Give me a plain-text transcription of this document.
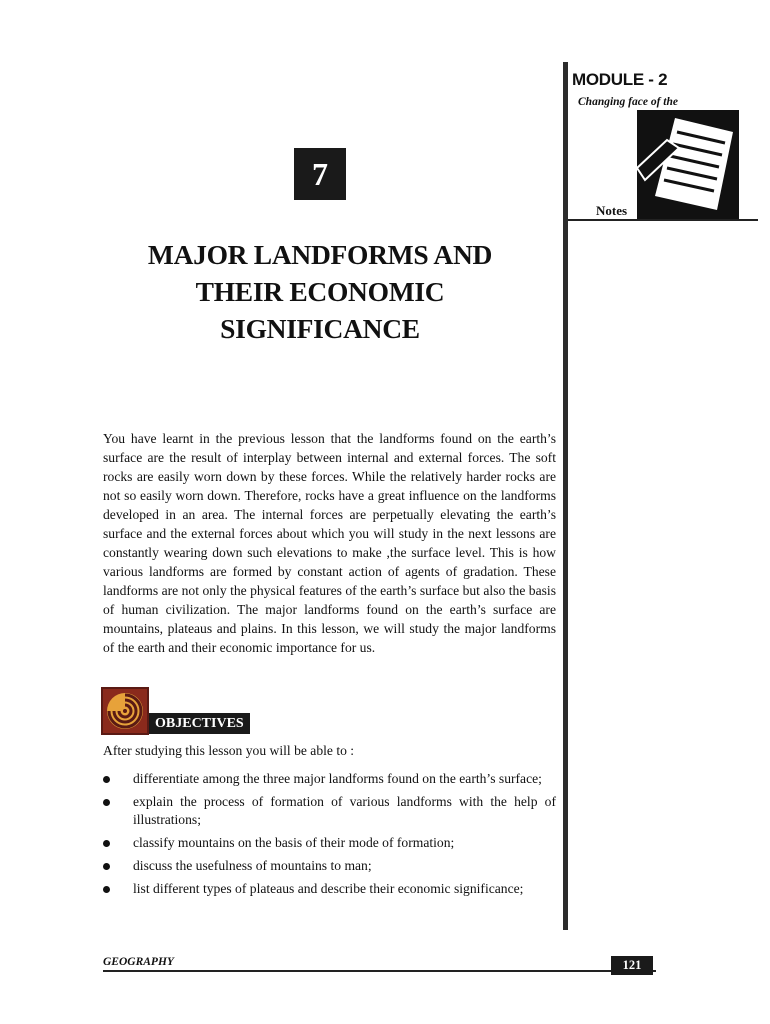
MODULE - 2
Changing face of the
Notes
7
MAJOR LANDFORMS AND
THEIR ECONOMIC
SIGNIFICANCE
You have learnt in the previous lesson that the landforms found on the earth’s surface are the result of interplay between internal and external forces. The soft rocks are easily worn down by these forces. While the relatively harder rocks are not so easily worn down. Therefore, rocks have a great influence on the landforms developed in an area. The internal forces are perpetually elevating the earth’s surface and the external forces about which you will study in the next lessons are constantly wearing down such elevations to make ,the surface level. This is how various landforms are formed by constant action of agents of gradation. These landforms are not only the physical features of the earth’s surface but also the basis of human civilization. The major landforms found on the earth’s surface are mountains, plateaus and plains. In this lesson, we will study the major landforms of the earth and their economic importance for us.
OBJECTIVES
After studying this lesson you will be able to :
differentiate among the three major landforms found on the earth’s surface;
explain the process of formation of various landforms with the help of illustrations;
classify mountains on the basis of their mode of formation;
discuss the usefulness of mountains to man;
list different types of plateaus and describe their economic significance;
GEOGRAPHY	121
